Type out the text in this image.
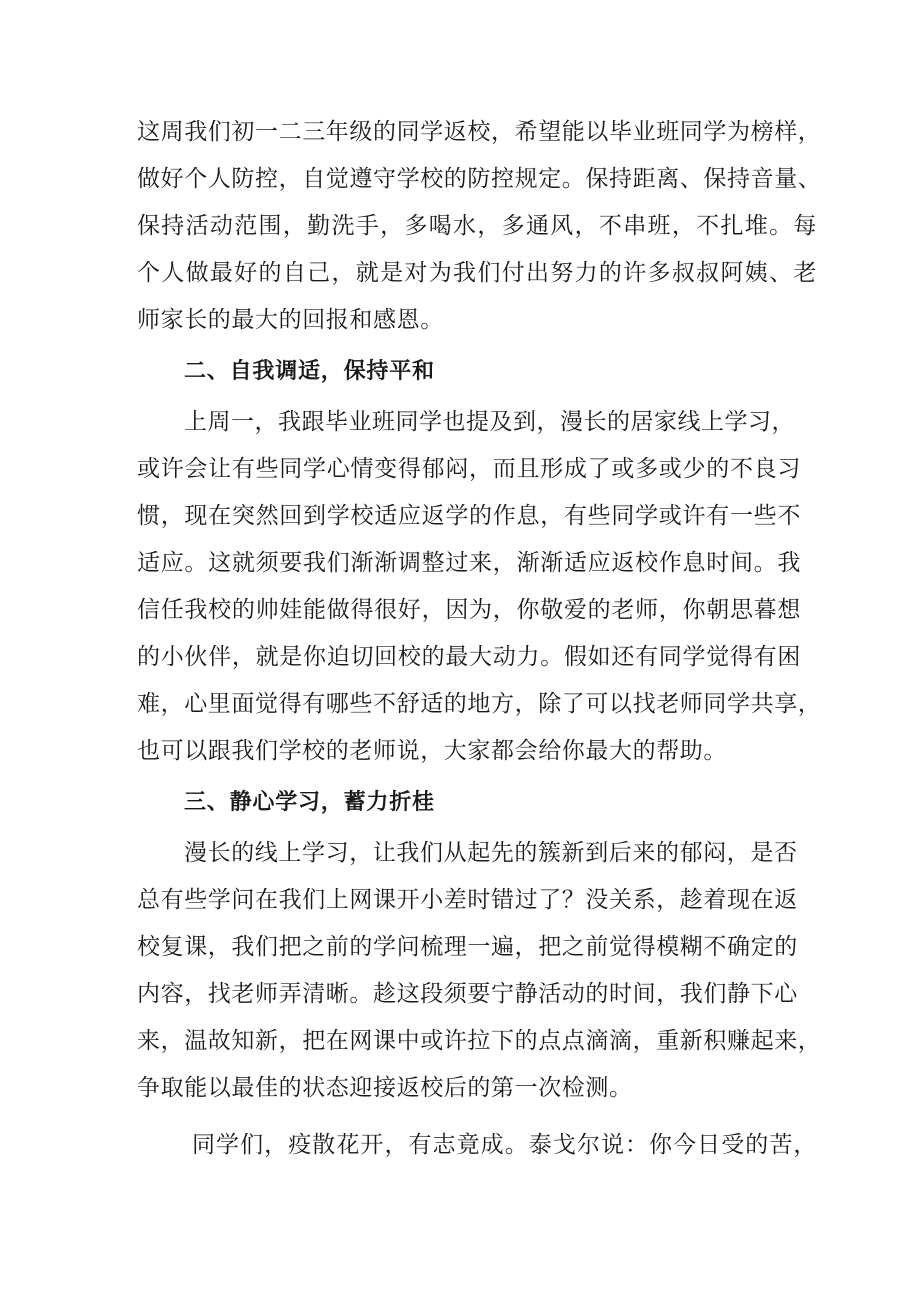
这周我们初一二三年级的同学返校，希望能以毕业班同学为榜样，
做好个人防控，自觉遵守学校的防控规定。保持距离、保持音量、
保持活动范围，勤洗手，多喝水，多通风，不串班，不扎堆。每
个人做最好的自己，就是对为我们付出努力的许多叔叔阿姨、老
师家长的最大的回报和感恩。
二、自我调适，保持平和
上周一，我跟毕业班同学也提及到，漫长的居家线上学习，
或许会让有些同学心情变得郁闷，而且形成了或多或少的不良习
惯，现在突然回到学校适应返学的作息，有些同学或许有一些不
适应。这就须要我们渐渐调整过来，渐渐适应返校作息时间。我
信任我校的帅娃能做得很好，因为，你敬爱的老师，你朝思暮想
的小伙伴，就是你迫切回校的最大动力。假如还有同学觉得有困
难，心里面觉得有哪些不舒适的地方，除了可以找老师同学共享，
也可以跟我们学校的老师说，大家都会给你最大的帮助。
三、静心学习，蓄力折桂
漫长的线上学习，让我们从起先的簇新到后来的郁闷，是否
总有些学问在我们上网课开小差时错过了？没关系，趁着现在返
校复课，我们把之前的学问梳理一遍，把之前觉得模糊不确定的
内容，找老师弄清晰。趁这段须要宁静活动的时间，我们静下心
来，温故知新，把在网课中或许拉下的点点滴滴，重新积赚起来，
争取能以最佳的状态迎接返校后的第一次检测。
同学们，疫散花开，有志竟成。泰戈尔说：你今日受的苦，
